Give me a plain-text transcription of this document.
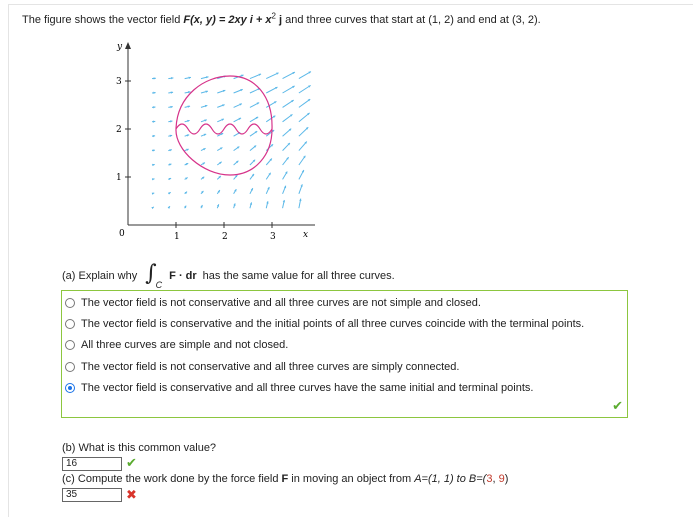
The figure shows the vector field F(x, y) = 2xy $i + x^2$ j and three curves that start at (1, 2) and end at (3, 2).
y
x
0	1	2	3
1
2
3
(a) Explain why ∫ C
F · dr has the same value for all three curves.
The vector field is not conservative and all three curves are not simple and closed.
The vector field is conservative and the initial points of all three curves coincide with the terminal points.
All three curves are simple and not closed.
The vector field is not conservative and all three curves are simply connected.
The vector field is conservative and all three curves have the same initial and terminal points.
✔
(b) What is this common value?
16	✔
(c) Compute the work done by the force field F in moving an object from A=(1, 1) to B=(3, 9)
35	✖
